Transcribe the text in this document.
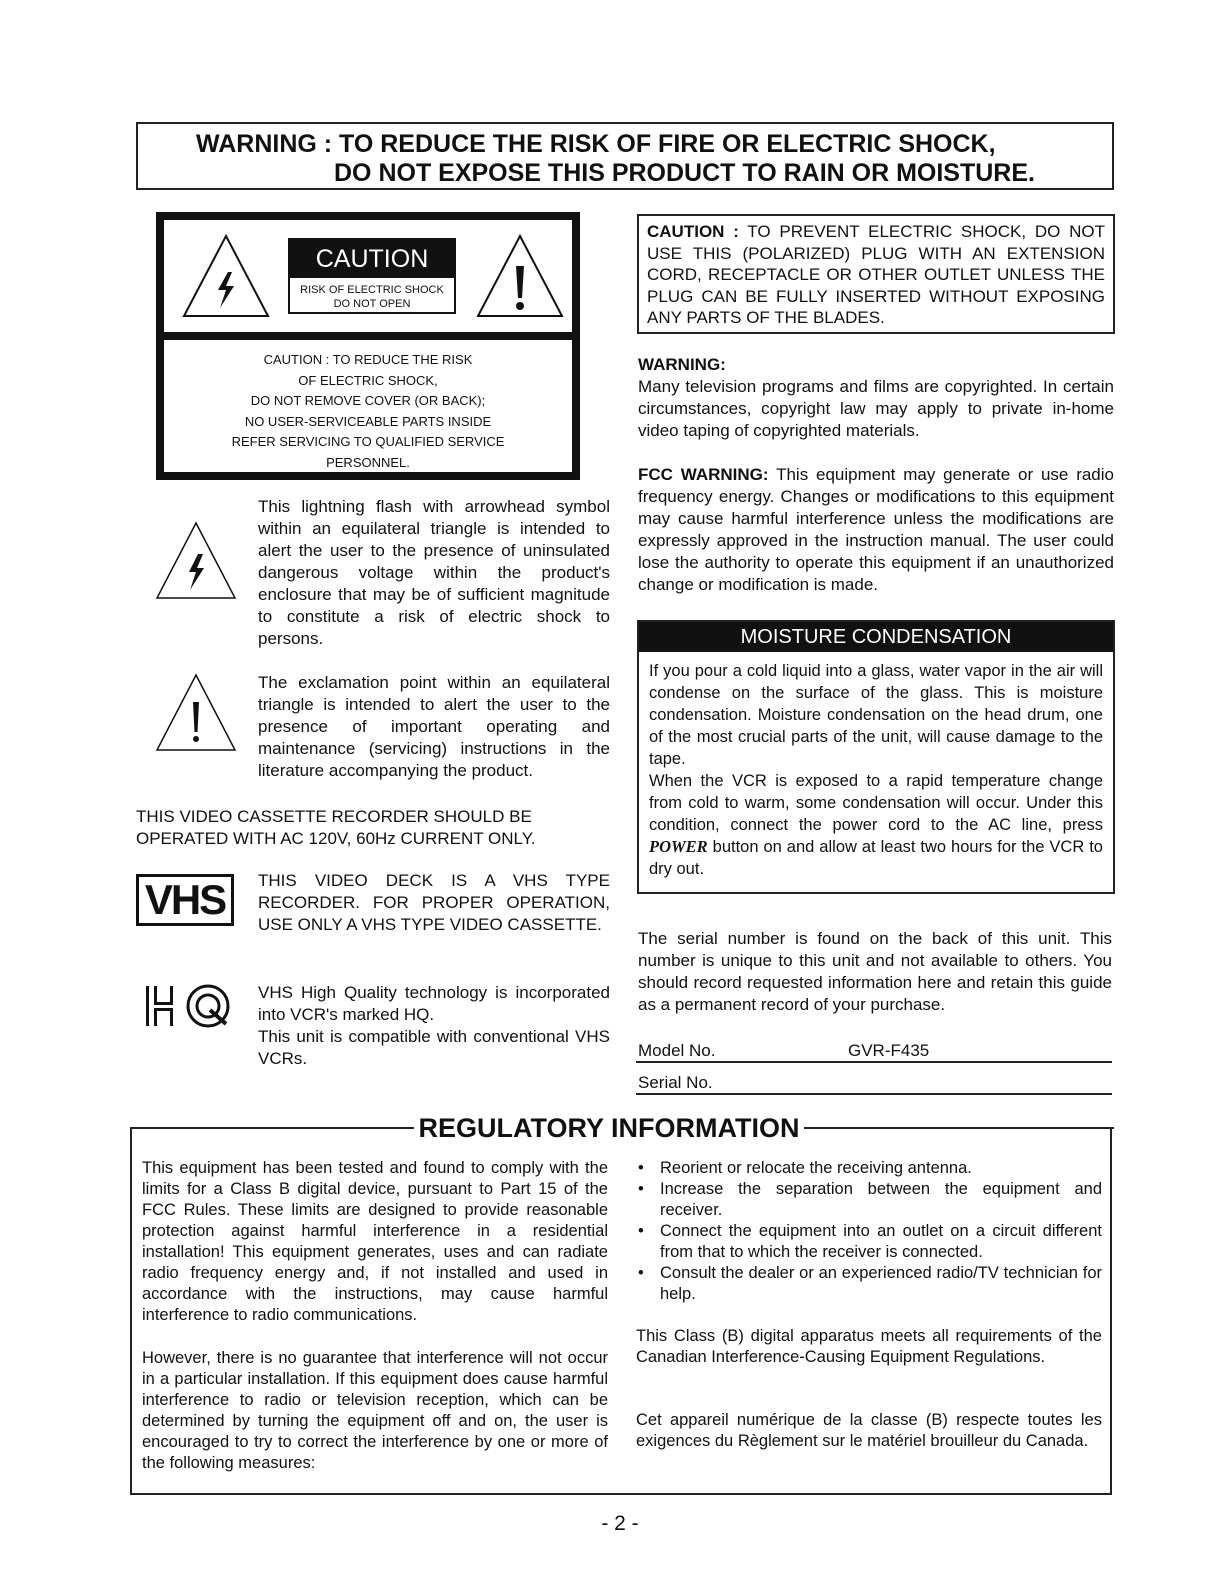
WARNING : TO REDUCE THE RISK OF FIRE OR ELECTRIC SHOCK,
DO NOT EXPOSE THIS PRODUCT TO RAIN OR MOISTURE.
CAUTION
RISK OF ELECTRIC SHOCK
DO NOT OPEN
CAUTION : TO REDUCE THE RISK
OF ELECTRIC SHOCK,
DO NOT REMOVE COVER (OR BACK);
NO USER-SERVICEABLE PARTS INSIDE
REFER SERVICING TO QUALIFIED SERVICE
PERSONNEL.
This lightning flash with arrowhead symbol within an equilateral triangle is intended to alert the user to the presence of uninsulated dangerous voltage within the product's enclosure that may be of sufficient magnitude to constitute a risk of electric shock to persons.
The exclamation point within an equilateral triangle is intended to alert the user to the presence of important operating and maintenance (servicing) instructions in the literature accompanying the product.
THIS VIDEO CASSETTE RECORDER SHOULD BE OPERATED WITH AC 120V, 60Hz CURRENT ONLY.
VHS THIS VIDEO DECK IS A VHS TYPE RECORDER. FOR PROPER OPERATION, USE ONLY A VHS TYPE VIDEO CASSETTE.
VHS High Quality technology is incorporated into VCR's marked HQ.
This unit is compatible with conventional VHS VCRs.
CAUTION : TO PREVENT ELECTRIC SHOCK, DO NOT USE THIS (POLARIZED) PLUG WITH AN EXTENSION CORD, RECEPTACLE OR OTHER OUTLET UNLESS THE PLUG CAN BE FULLY INSERTED WITHOUT EXPOSING ANY PARTS OF THE BLADES.
WARNING:
Many television programs and films are copyrighted. In certain circumstances, copyright law may apply to private in-home video taping of copyrighted materials.
FCC WARNING: This equipment may generate or use radio frequency energy. Changes or modifications to this equipment may cause harmful interference unless the modifications are expressly approved in the instruction manual. The user could lose the authority to operate this equipment if an unauthorized change or modification is made.
MOISTURE CONDENSATION
If you pour a cold liquid into a glass, water vapor in the air will condense on the surface of the glass. This is moisture condensation. Moisture condensation on the head drum, one of the most crucial parts of the unit, will cause damage to the tape.
When the VCR is exposed to a rapid temperature change from cold to warm, some condensation will occur. Under this condition, connect the power cord to the AC line, press POWER button on and allow at least two hours for the VCR to dry out.
The serial number is found on the back of this unit. This number is unique to this unit and not available to others. You should record requested information here and retain this guide as a permanent record of your purchase.
Model No.	GVR-F435
Serial No.
REGULATORY INFORMATION
This equipment has been tested and found to comply with the limits for a Class B digital device, pursuant to Part 15 of the FCC Rules. These limits are designed to provide reasonable protection against harmful interference in a residential installation! This equipment generates, uses and can radiate radio frequency energy and, if not installed and used in accordance with the instructions, may cause harmful interference to radio communications.
However, there is no guarantee that interference will not occur in a particular installation. If this equipment does cause harmful interference to radio or television reception, which can be determined by turning the equipment off and on, the user is encouraged to try to correct the interference by one or more of the following measures:
• Reorient or relocate the receiving antenna.
• Increase the separation between the equipment and receiver.
• Connect the equipment into an outlet on a circuit different from that to which the receiver is connected.
• Consult the dealer or an experienced radio/TV technician for help.
This Class (B) digital apparatus meets all requirements of the Canadian Interference-Causing Equipment Regulations.
Cet appareil numérique de la classe (B) respecte toutes les exigences du Règlement sur le matériel brouilleur du Canada.
- 2 -
